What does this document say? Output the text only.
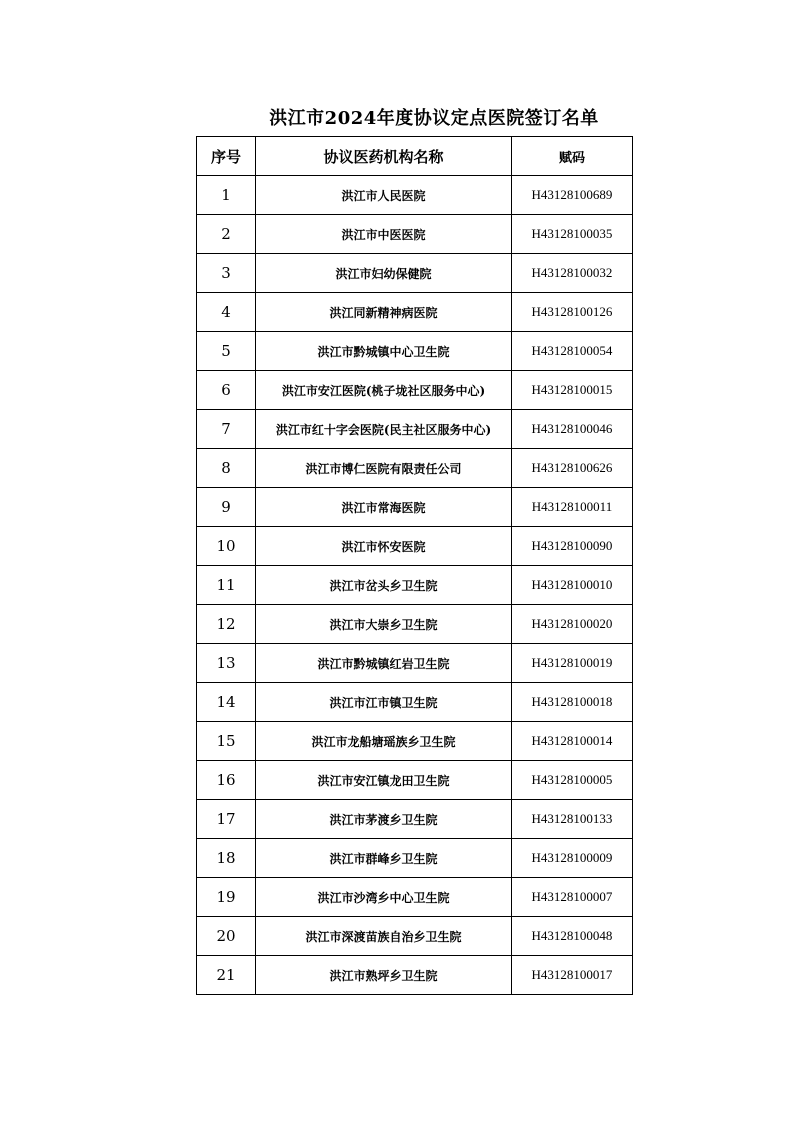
洪江市2024年度协议定点医院签订名单
序号	协议医药机构名称	赋码
1	洪江市人民医院	H43128100689
2	洪江市中医医院	H43128100035
3	洪江市妇幼保健院	H43128100032
4	洪江同新精神病医院	H43128100126
5	洪江市黔城镇中心卫生院	H43128100054
6	洪江市安江医院(桃子垅社区服务中心)	H43128100015
7	洪江市红十字会医院(民主社区服务中心)	H43128100046
8	洪江市博仁医院有限责任公司	H43128100626
9	洪江市常海医院	H43128100011
10	洪江市怀安医院	H43128100090
11	洪江市岔头乡卫生院	H43128100010
12	洪江市大崇乡卫生院	H43128100020
13	洪江市黔城镇红岩卫生院	H43128100019
14	洪江市江市镇卫生院	H43128100018
15	洪江市龙船塘瑶族乡卫生院	H43128100014
16	洪江市安江镇龙田卫生院	H43128100005
17	洪江市茅渡乡卫生院	H43128100133
18	洪江市群峰乡卫生院	H43128100009
19	洪江市沙湾乡中心卫生院	H43128100007
20	洪江市深渡苗族自治乡卫生院	H43128100048
21	洪江市熟坪乡卫生院	H43128100017
